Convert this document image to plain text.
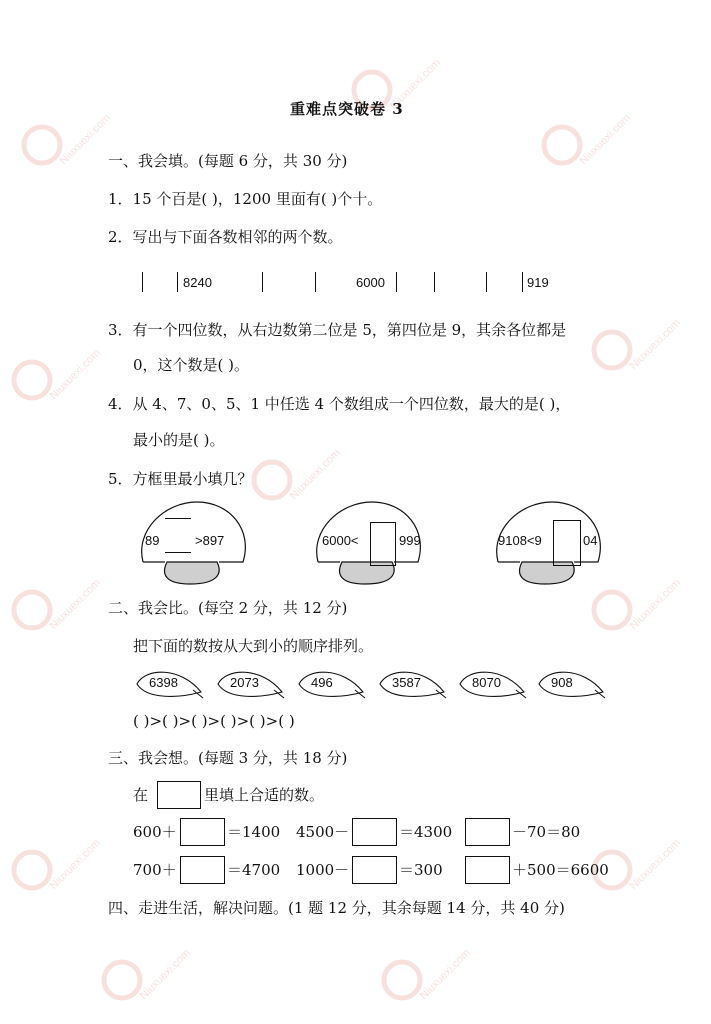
Niuxuexi.com
Niuxuexi.com
Niuxuexi.com
Niuxuexi.com
Niuxuexi.com
Niuxuexi.com	Niuxuexi.com
Niuxuexi.com	Niuxuexi.com
Niuxuexi.com	Niuxuexi.com
Niuxuexi.com
重难点突破卷 3
一、我会填。(每题 6 分，共 30 分)
1．15 个百是( )，1200 里面有( )个十。
2．写出与下面各数相邻的两个数。
8240	6000	919
3．有一个四位数，从右边数第二位是 5，第四位是 9，其余各位都是
0，这个数是( )。
4．从 4、7、0、5、1 中任选 4 个数组成一个四位数，最大的是( )，
最小的是( )。
5．方框里最小填几？
89	>897	6000<	999	9108<9	04
二、我会比。(每空 2 分，共 12 分)
把下面的数按从大到小的顺序排列。
6398	2073	496	3587	8070	908
( )>( )>( )>( )>( )>( )
三、我会想。(每题 3 分，共 18 分)
在	里填上合适的数。
600＋	＝1400 4500－	＝4300	－70＝80
700＋	＝4700 1000－	＝300	＋500＝6600
四、走进生活，解决问题。(1 题 12 分，其余每题 14 分，共 40 分)
